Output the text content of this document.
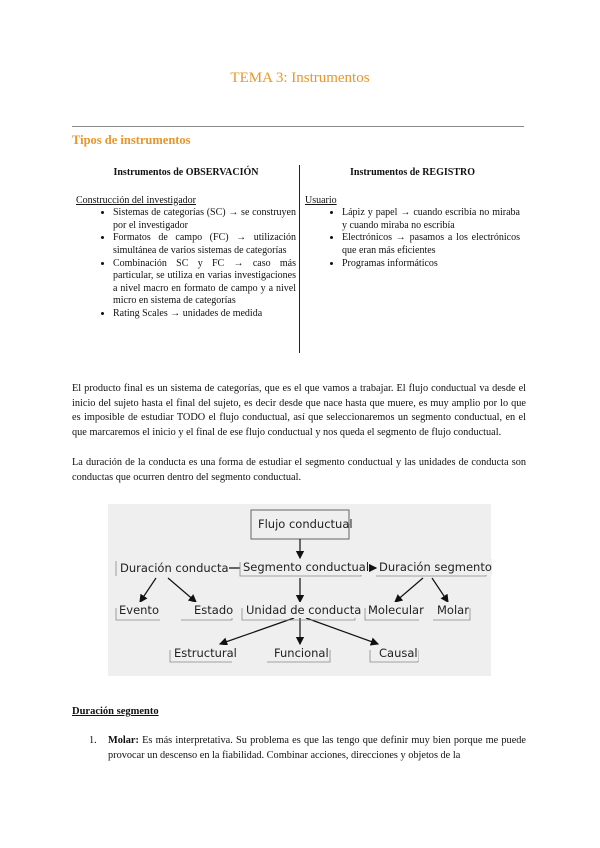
TEMA 3: Instrumentos
Tipos de instrumentos
Instrumentos de OBSERVACIÓN
Construcción del investigador
• Sistemas de categorías (SC) → se construyen por el investigador
• Formatos de campo (FC) → utilización simultánea de varios sistemas de categorías
• Combinación SC y FC → caso más particular, se utiliza en varias investigaciones a nivel macro en formato de campo y a nivel micro en sistema de categorías
• Rating Scales → unidades de medida
Instrumentos de REGISTRO
Usuario
• Lápiz y papel → cuando escribía no miraba y cuando miraba no escribía
• Electrónicos → pasamos a los electrónicos que eran más eficientes
• Programas informáticos
El producto final es un sistema de categorías, que es el que vamos a trabajar. El flujo conductual va desde el inicio del sujeto hasta el final del sujeto, es decir desde que nace hasta que muere, es muy amplio por lo que es imposible de estudiar TODO el flujo conductual, así que seleccionaremos un segmento conductual, en el que marcaremos el inicio y el final de ese flujo conductual y nos queda el segmento de flujo conductual.
La duración de la conducta es una forma de estudiar el segmento conductual y las unidades de conducta son conductas que ocurren dentro del segmento conductual.
Flujo conductual
Segmento conductual
Duración conducta	Duración segmento
Evento	Estado Unidad de conducta Molecular Molar
Estructural	Funcional	Causal
Duración segmento
1. Molar: Es más interpretativa. Su problema es que las tengo que definir muy bien porque me puede provocar un descenso en la fiabilidad. Combinar acciones, direcciones y objetos de la
